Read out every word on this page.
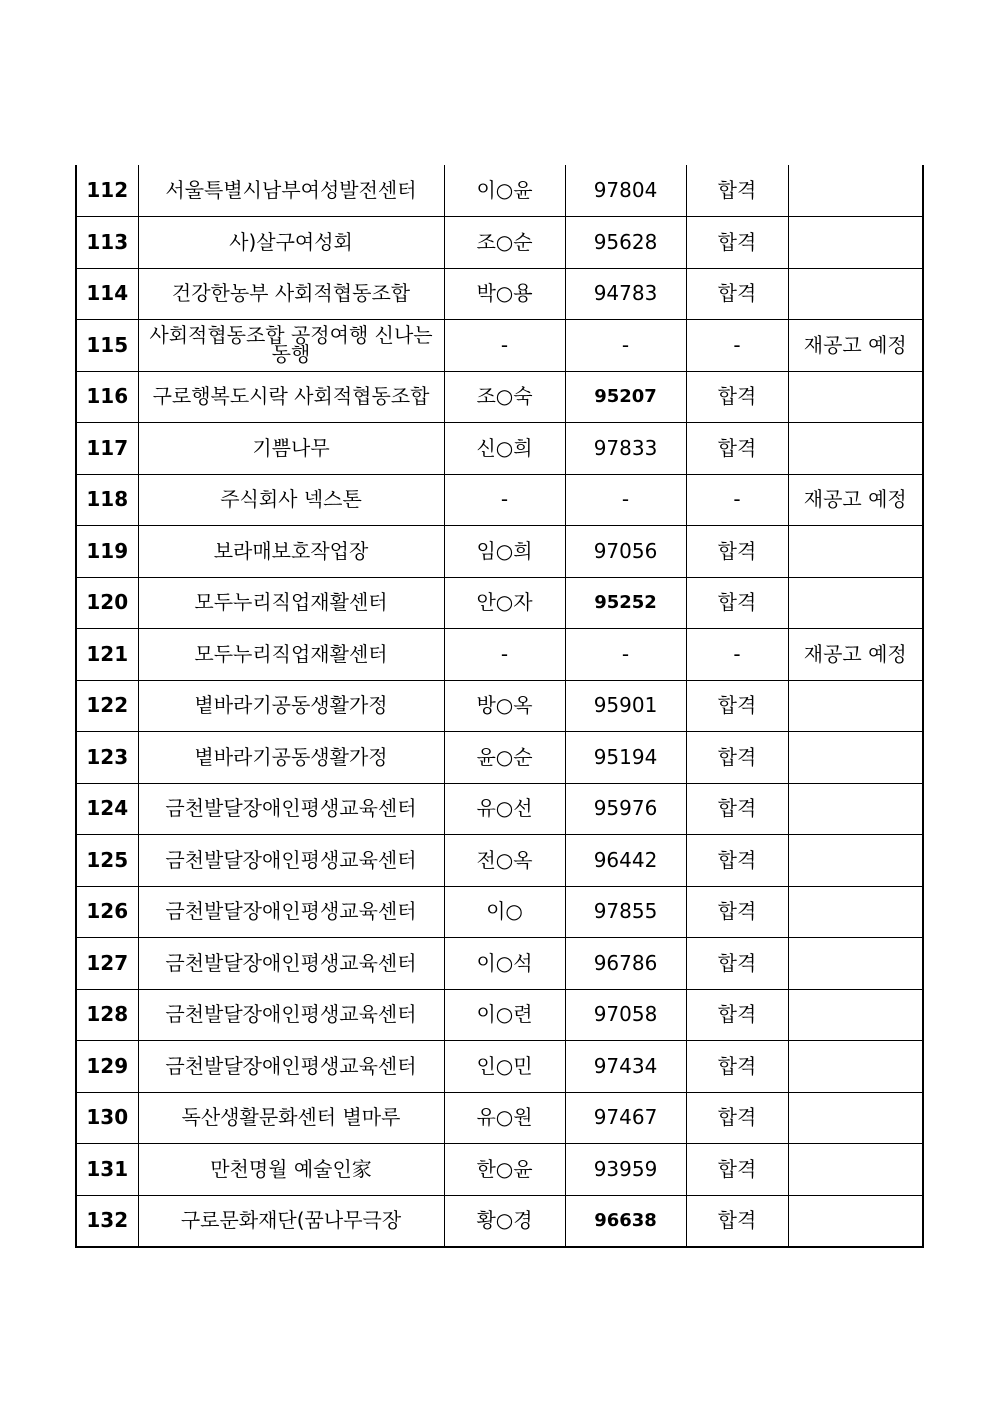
112	서울특별시남부여성발전센터	이○윤	97804	합격	
113	사)살구여성회	조○순	95628	합격	
114	건강한농부 사회적협동조합	박○용	94783	합격	
115	사회적협동조합 공정여행 신나는동행	-	-	-	재공고 예정
116	구로행복도시락 사회적협동조합	조○숙	95207	합격	
117	기쁨나무	신○희	97833	합격	
118	주식회사 넥스톤	-	-	-	재공고 예정
119	보라매보호작업장	임○희	97056	합격	
120	모두누리직업재활센터	안○자	95252	합격	
121	모두누리직업재활센터	-	-	-	재공고 예정
122	볕바라기공동생활가정	방○옥	95901	합격	
123	볕바라기공동생활가정	윤○순	95194	합격	
124	금천발달장애인평생교육센터	유○선	95976	합격	
125	금천발달장애인평생교육센터	전○옥	96442	합격	
126	금천발달장애인평생교육센터	이○	97855	합격	
127	금천발달장애인평생교육센터	이○석	96786	합격	
128	금천발달장애인평생교육센터	이○련	97058	합격	
129	금천발달장애인평생교육센터	인○민	97434	합격	
130	독산생활문화센터 별마루	유○원	97467	합격	
131	만천명월 예술인家	한○윤	93959	합격	
132	구로문화재단(꿈나무극장	황○경	96638	합격	
